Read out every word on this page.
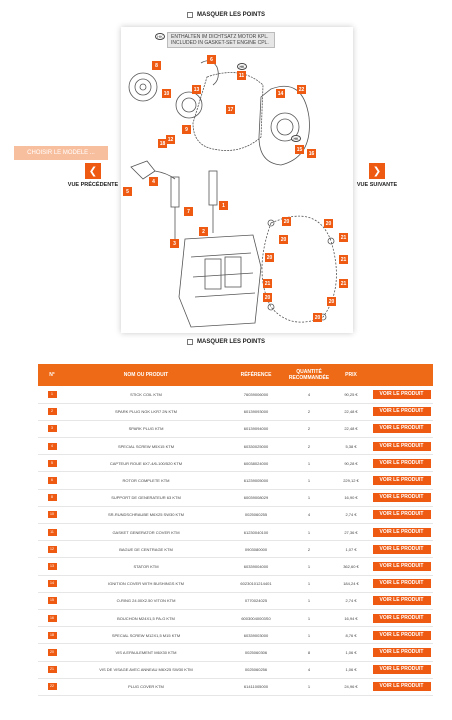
MASQUER LES POINTS
CHOISIR LE MODELE ...
❮
VUE PRÉCÉDENTE
❯
VUE SUIVANTE
HK	ENTHALTEN IM DICHTSATZ MOTOR KPL.
INCLUDED IN GASKET-SET ENGINE CPL.
8
6
HK
11
10
13
9
17
14
22
12
18
HK
16
15
5
4
7
1
3
2
20	20
21
20
21
20
21
21
20
20
20
MASQUER LES POINTS
N°	NOM OU PRODUIT	RÉFÉRENCE	QUANTITÉ RECOMMANDÉE	PRIX	
1	STICK COIL KTM	76039006000	4	90,25 €	VOIR LE PRODUIT
2	SPARK PLUG NGK LKR7 2N KTM	60139093000	2	22,48 €	VOIR LE PRODUIT
3	SPARK PLUG KTM	60139094000	2	22,48 €	VOIR LE PRODUIT
4	SPECIAL SCREW M5X15 KTM	60330025000	2	5,38 €	VOIR LE PRODUIT
5	CAPTEUR ROUE 6X7-4/6-100/520 KTM	60038024000	1	90,28 €	VOIR LE PRODUIT
6	ROTOR COMPLETE KTM	61239005000	1	229,12 €	VOIR LE PRODUIT
8	SUPPORT DE GENERATEUR 63 KTM	60039008029	1	16,90 €	VOIR LE PRODUIT
10	SR-RUNDSCHRAUBE M6X25 SW30 KTM	0025060255	4	2,74 €	VOIR LE PRODUIT
11	GASKET GENERATOR COVER KTM	61230040100	1	27,36 €	VOIR LE PRODUIT
12	BAGUE DE CENTRAGE KTM	0903080000	2	1,07 €	VOIR LE PRODUIT
13	STATOR KTM	60339004000	1	362,60 €	VOIR LE PRODUIT
14	IGNITION COVER WITH BUSHINGS KTM	60230101214401	1	184,24 €	VOIR LE PRODUIT
15	O-RING 24.00X2.50 VITON KTM	0770024025	1	2,74 €	VOIR LE PRODUIT
16	BOUCHON M24X1,5 PA-G KTM	60030040003S0	1	16,94 €	VOIR LE PRODUIT
18	SPECIAL SCREW M12X1,5 M15 KTM	60339003000	1	8,76 €	VOIR LE PRODUIT
20	VIS A EPAULEMENT M6X30 KTM	0025060306	8	1,06 €	VOIR LE PRODUIT
21	VIS DE VISAGE AVEC ANNEAU M6X25 SW30 KTM	0025060256	4	1,06 €	VOIR LE PRODUIT
22	PLUG COVER KTM	61411005000	1	24,96 €	VOIR LE PRODUIT
